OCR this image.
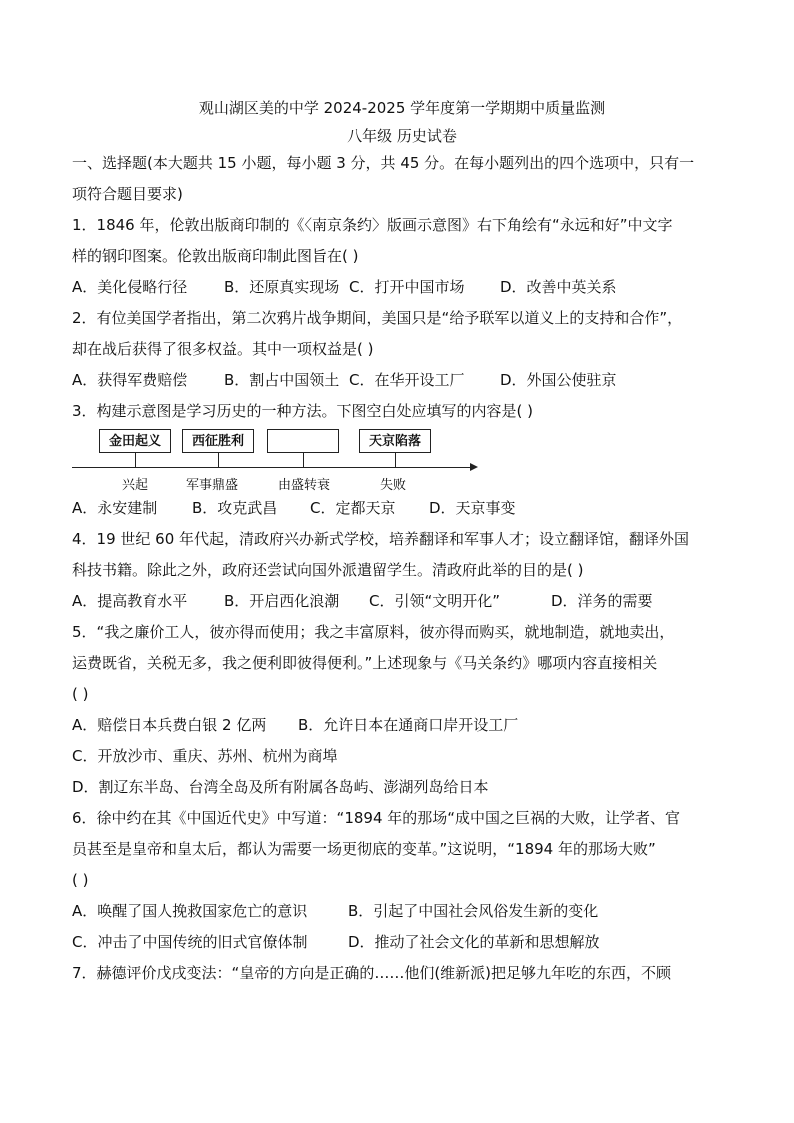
观山湖区美的中学 2024-2025 学年度第一学期期中质量监测

八年级 历史试卷

一、选择题(本大题共 15 小题，每小题 3 分，共 45 分。在每小题列出的四个选项中，只有一

项符合题目要求)

1．1846 年，伦敦出版商印制的《〈南京条约〉版画示意图》右下角绘有“永远和好”中文字

样的钢印图案。伦敦出版商印制此图旨在( )

A．美化侵略行径	B．还原真实现场 C．打开中国市场	D．改善中英关系

2．有位美国学者指出，第二次鸦片战争期间，美国只是“给予联军以道义上的支持和合作”，

却在战后获得了很多权益。其中一项权益是( )

A．获得军费赔偿	B．割占中国领土 C．在华开设工厂	D．外国公使驻京

3．构建示意图是学习历史的一种方法。下图空白处应填写的内容是( )

金田起义	西征胜利	天京陷落
兴起	军事鼎盛	由盛转衰	失败
A．永安建制	B．攻克武昌	C．定都天京	D．天京事变

4．19 世纪 60 年代起，清政府兴办新式学校，培养翻译和军事人才；设立翻译馆，翻译外国

科技书籍。除此之外，政府还尝试向国外派遣留学生。清政府此举的目的是( )

A．提高教育水平	B．开启西化浪潮	C．引领“文明开化”	D．洋务的需要

5．“我之廉价工人，彼亦得而使用；我之丰富原料，彼亦得而购买，就地制造，就地卖出，

运费既省，关税无多，我之便利即彼得便利。”上述现象与《马关条约》哪项内容直接相关

( )

A．赔偿日本兵费白银 2 亿两	B．允许日本在通商口岸开设工厂

C．开放沙市、重庆、苏州、杭州为商埠

D．割辽东半岛、台湾全岛及所有附属各岛屿、澎湖列岛给日本

6．徐中约在其《中国近代史》中写道：“1894 年的那场“成中国之巨祸的大败，让学者、官

员甚至是皇帝和皇太后，都认为需要一场更彻底的变革。”这说明，“1894 年的那场大败”

( )

A．唤醒了国人挽救国家危亡的意识	B．引起了中国社会风俗发生新的变化
C．冲击了中国传统的旧式官僚体制	D．推动了社会文化的革新和思想解放

7．赫德评价戊戌变法：“皇帝的方向是正确的……他们(维新派)把足够九年吃的东西，不顾
